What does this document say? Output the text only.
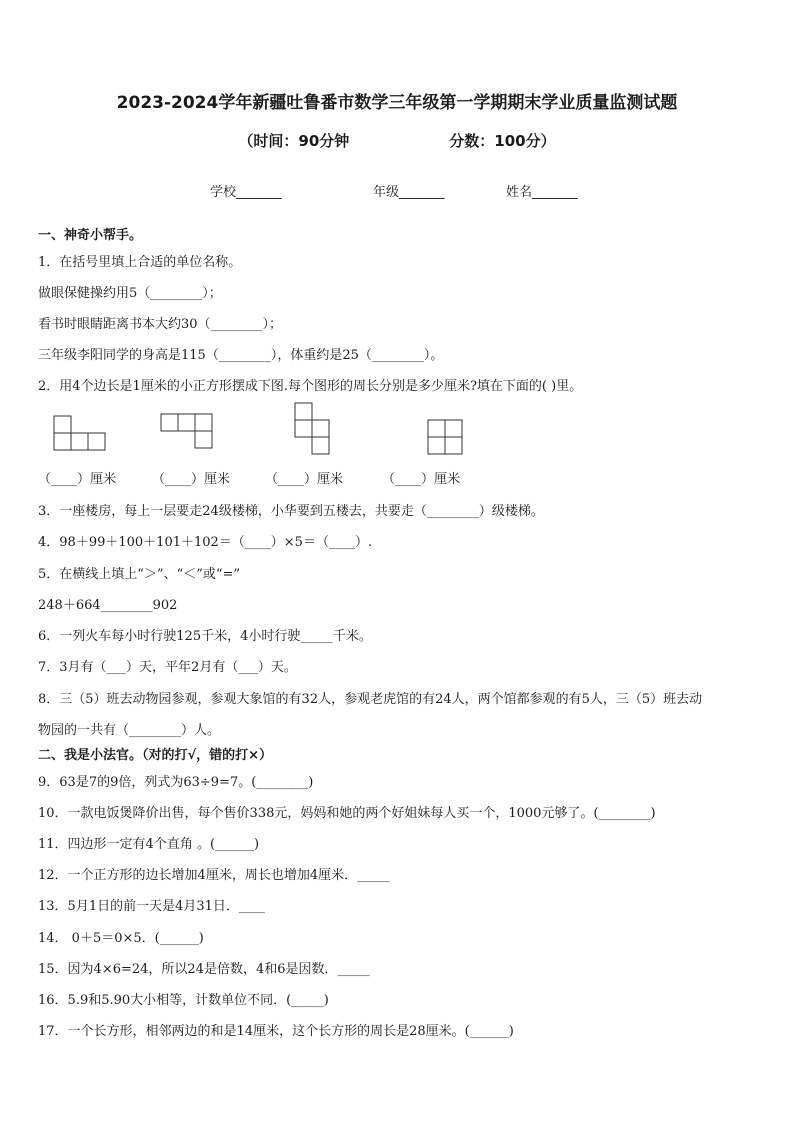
2023-2024学年新疆吐鲁番市数学三年级第一学期期末学业质量监测试题
（时间：90分钟	分数：100分）
学校_______	年级_______	姓名_______
一、神奇小帮手。
1．在括号里填上合适的单位名称。
做眼保健操约用5（________）；
看书时眼睛距离书本大约30（________）；
三年级李阳同学的身高是115（________），体重约是25（________）。
2．用4个边长是1厘米的小正方形摆成下图.每个图形的周长分别是多少厘米?填在下面的( )里。
（____）厘米	（____）厘米	（____）厘米	（____）厘米
3．一座楼房，每上一层要走24级楼梯，小华要到五楼去，共要走（________）级楼梯。
4．98＋99＋100＋101＋102＝（____）×5＝（____）.
5．在横线上填上“＞”、“＜”或“=”
248＋664________902
6．一列火车每小时行驶125千米，4小时行驶_____千米。
7．3月有（___）天，平年2月有（___）天。
8．三（5）班去动物园参观，参观大象馆的有32人，参观老虎馆的有24人，两个馆都参观的有5人，三（5）班去动
物园的一共有（________）人。
二、我是小法官。（对的打√，错的打×）
9．63是7的9倍，列式为63÷9=7。(________)
10．一款电饭煲降价出售，每个售价338元，妈妈和她的两个好姐妹每人买一个，1000元够了。(________)
11．四边形一定有4个直角 。(______)
12．一个正方形的边长增加4厘米，周长也增加4厘米．_____
13．5月1日的前一天是4月31日．____
14． 0＋5＝0×5．(______)
15．因为4×6=24，所以24是倍数，4和6是因数．_____
16．5.9和5.90大小相等，计数单位不同．(_____)
17．一个长方形，相邻两边的和是14厘米，这个长方形的周长是28厘米。(______)
